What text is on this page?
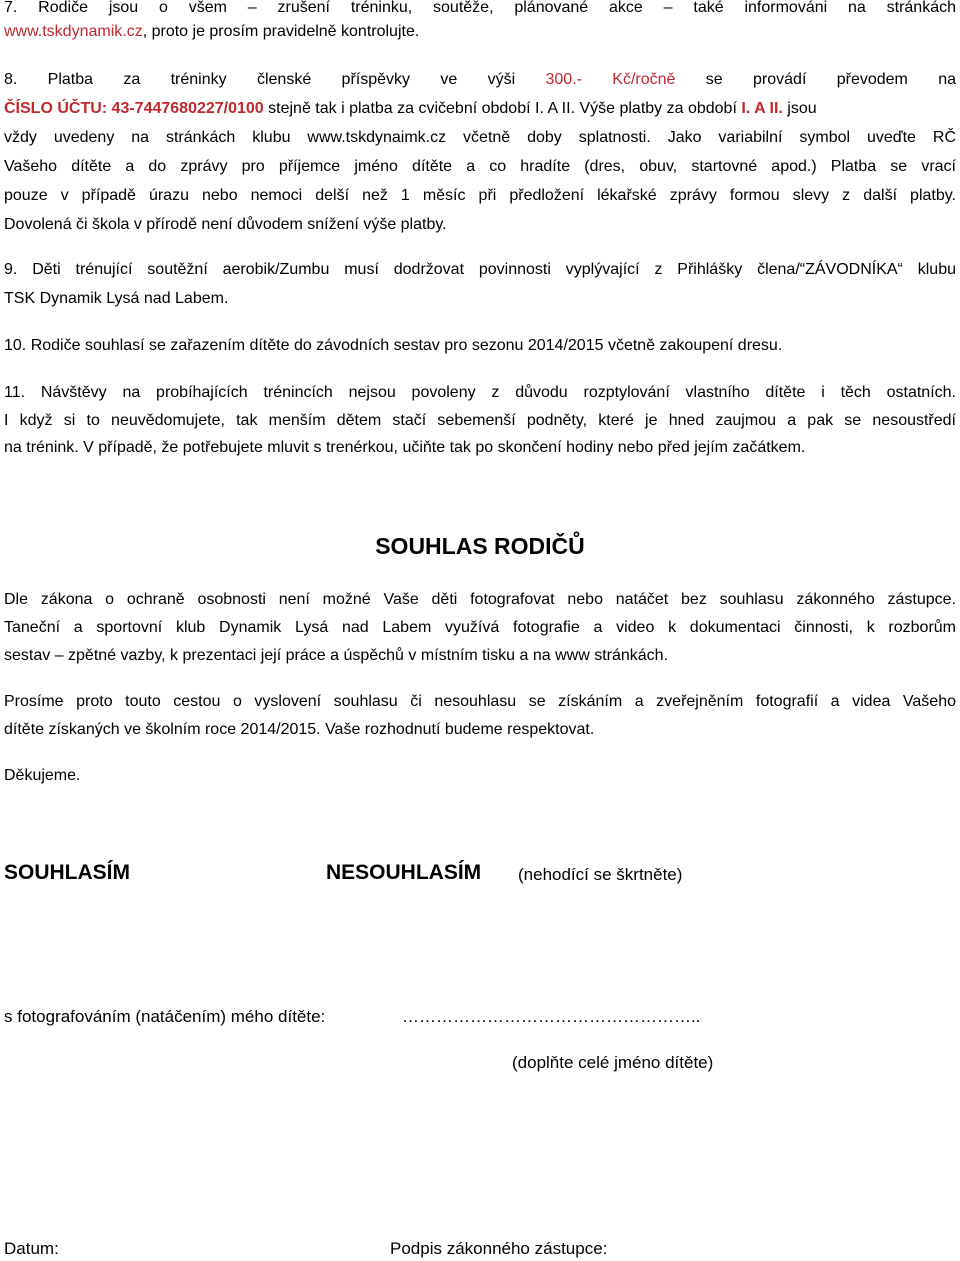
7. Rodiče jsou o všem – zrušení tréninku, soutěže, plánované akce – také informováni na stránkách
www.tskdynamik.cz, proto je prosím pravidelně kontrolujte.
8. Platba za tréninky členské příspěvky ve výši 300.- Kč/ročně se provádí převodem na
ČÍSLO ÚČTU: 43-7447680227/0100 stejně tak i platba za cvičební období I. A II. Výše platby za období I. A II. jsou
vždy uvedeny na stránkách klubu www.tskdynaimk.cz včetně doby splatnosti. Jako variabilní symbol uveďte RČ
Vašeho dítěte a do zprávy pro příjemce jméno dítěte a co hradíte (dres, obuv, startovné apod.) Platba se vrací
pouze v případě úrazu nebo nemoci delší než 1 měsíc při předložení lékařské zprávy formou slevy z další platby.
Dovolená či škola v přírodě není důvodem snížení výše platby.
9. Děti trénující soutěžní aerobik/Zumbu musí dodržovat povinnosti vyplývající z Přihlášky člena/“ZÁVODNÍKA“ klubu
TSK Dynamik Lysá nad Labem.
10. Rodiče souhlasí se zařazením dítěte do závodních sestav pro sezonu 2014/2015 včetně zakoupení dresu.
11. Návštěvy na probíhajících trénincích nejsou povoleny z důvodu rozptylování vlastního dítěte i těch ostatních.
I když si to neuvědomujete, tak menším dětem stačí sebemenší podněty, které je hned zaujmou a pak se nesoustředí
na trénink. V případě, že potřebujete mluvit s trenérkou, učiňte tak po skončení hodiny nebo před jejím začátkem.
SOUHLAS RODIČŮ
Dle zákona o ochraně osobnosti není možné Vaše děti fotografovat nebo natáčet bez souhlasu zákonného zástupce.
Taneční a sportovní klub Dynamik Lysá nad Labem využívá fotografie a video k dokumentaci činnosti, k rozborům
sestav – zpětné vazby, k prezentaci její práce a úspěchů v místním tisku a na www stránkách.
Prosíme proto touto cestou o vyslovení souhlasu či nesouhlasu se získáním a zveřejněním fotografií a videa Vašeho
dítěte získaných ve školním roce 2014/2015. Vaše rozhodnutí budeme respektovat.
Děkujeme.
SOUHLASÍM	NESOUHLASÍM (nehodící se škrtněte)
s fotografováním (natáčením) mého dítěte:	……………………………………………..
(doplňte celé jméno dítěte)
Datum:	Podpis zákonného zástupce:
